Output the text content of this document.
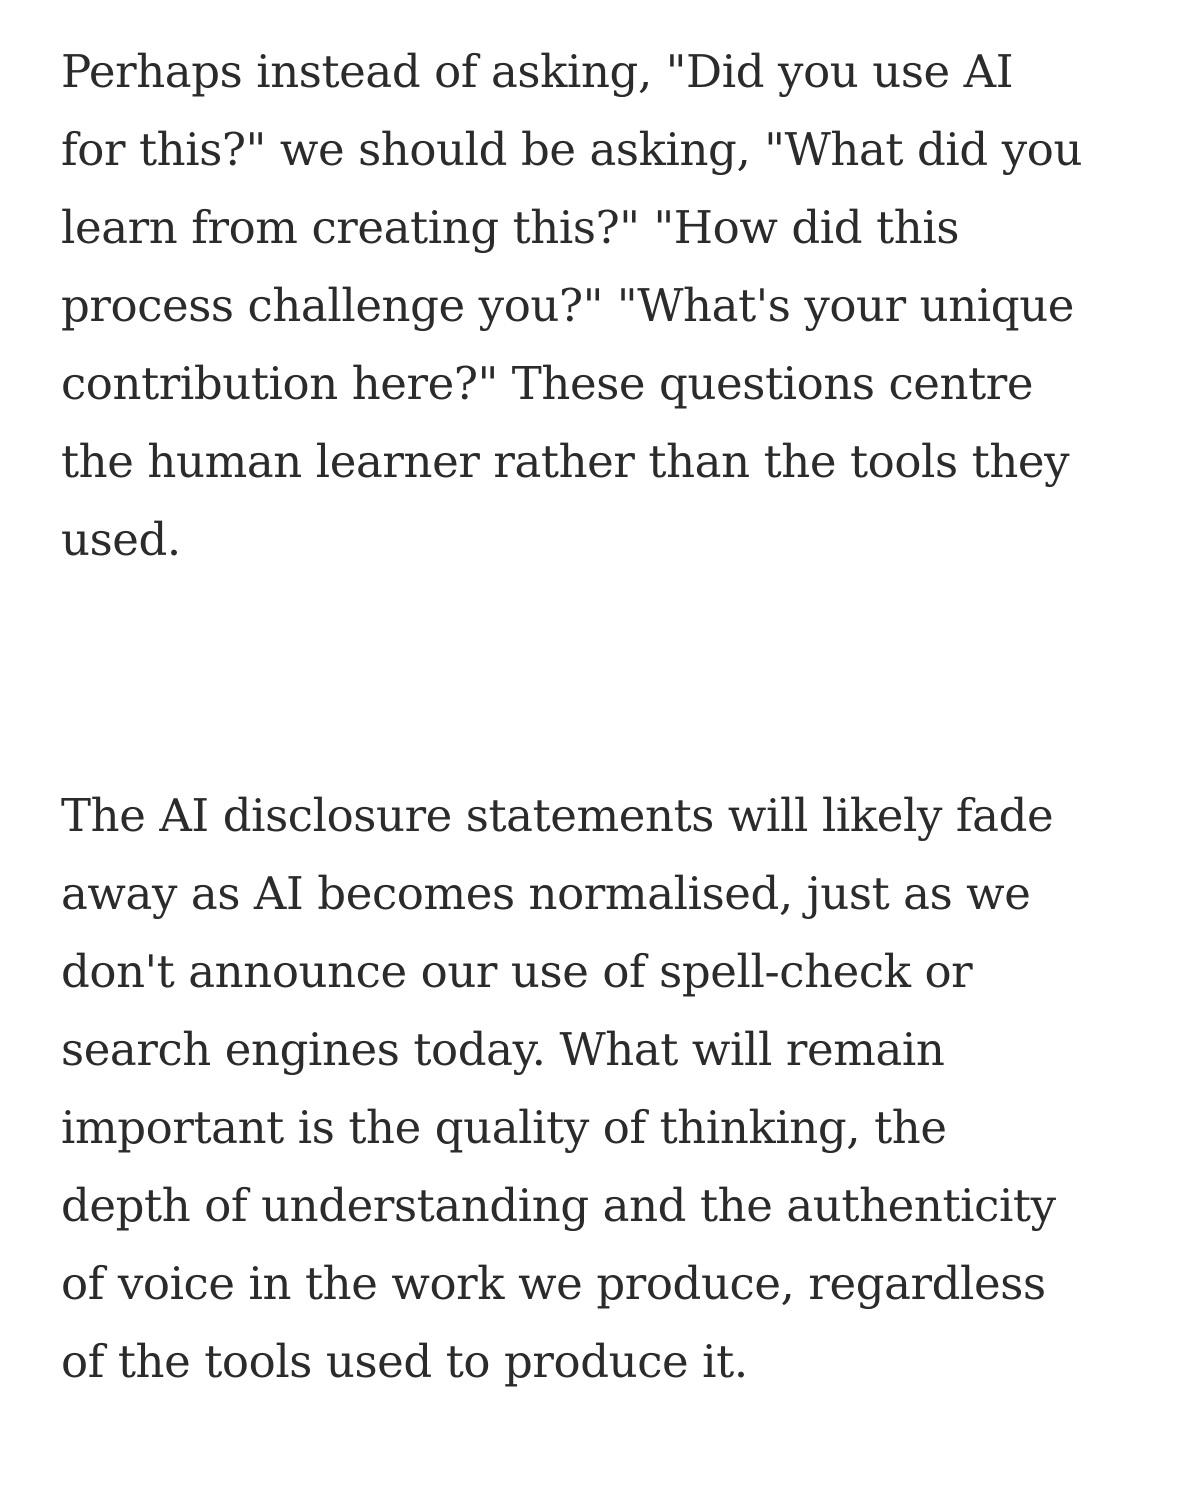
Perhaps instead of asking, "Did you use AI
for this?" we should be asking, "What did you
learn from creating this?" "How did this
process challenge you?" "What's your unique
contribution here?" These questions centre
the human learner rather than the tools they
used.

The AI disclosure statements will likely fade
away as AI becomes normalised, just as we
don't announce our use of spell-check or
search engines today. What will remain
important is the quality of thinking, the
depth of understanding and the authenticity
of voice in the work we produce, regardless
of the tools used to produce it.
